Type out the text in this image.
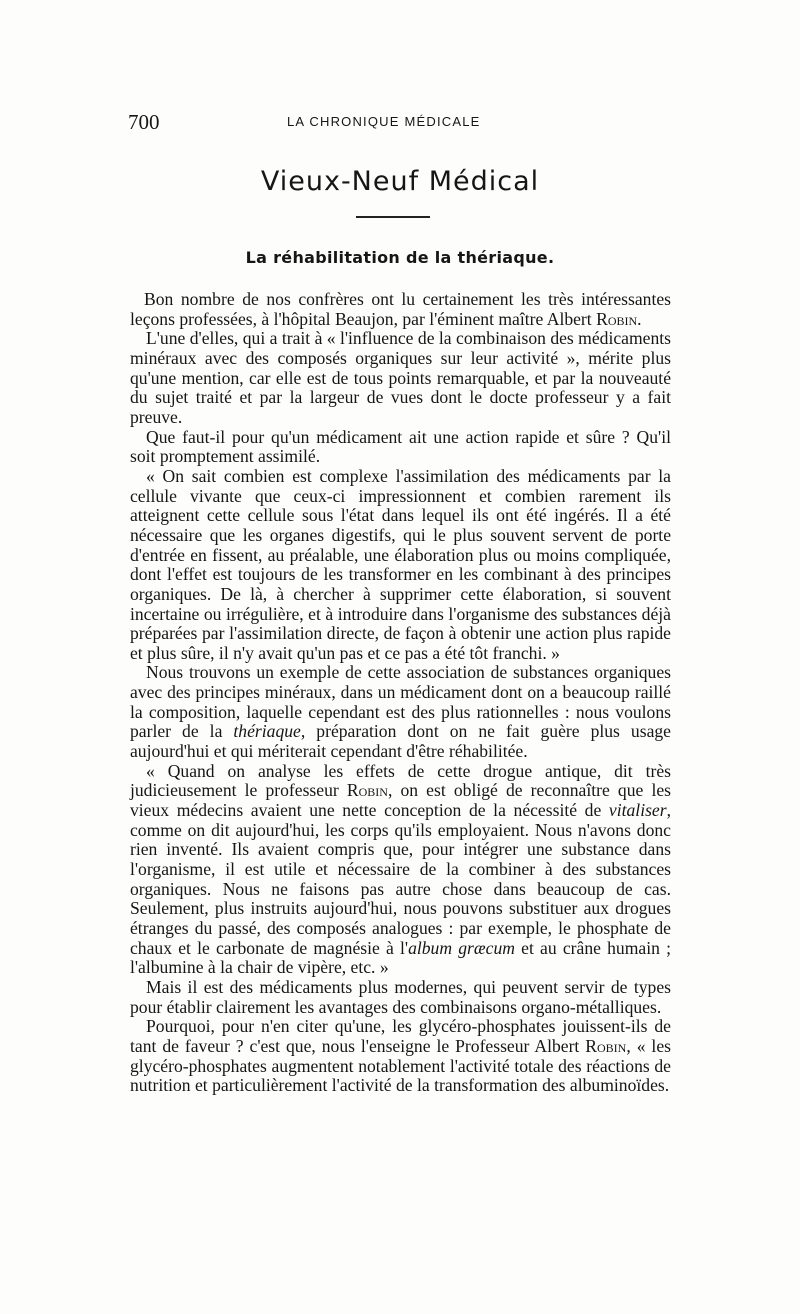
700	LA CHRONIQUE MÉDICALE
Vieux-Neuf Médical
La réhabilitation de la thériaque.

Bon nombre de nos confrères ont lu certainement les très intéressantes leçons professées, à l'hôpital Beaujon, par l'éminent maître Albert Robin.

L'une d'elles, qui a trait à « l'influence de la combinaison des médicaments minéraux avec des composés organiques sur leur activité », mérite plus qu'une mention, car elle est de tous points remarquable, et par la nouveauté du sujet traité et par la largeur de vues dont le docte professeur y a fait preuve.

Que faut-il pour qu'un médicament ait une action rapide et sûre ? Qu'il soit promptement assimilé.

« On sait combien est complexe l'assimilation des médicaments par la cellule vivante que ceux-ci impressionnent et combien rarement ils atteignent cette cellule sous l'état dans lequel ils ont été ingérés. Il a été nécessaire que les organes digestifs, qui le plus souvent servent de porte d'entrée en fissent, au préalable, une élaboration plus ou moins compliquée, dont l'effet est toujours de les transformer en les combinant à des principes organiques. De là, à chercher à supprimer cette élaboration, si souvent incertaine ou irrégulière, et à introduire dans l'organisme des substances déjà préparées par l'assimilation directe, de façon à obtenir une action plus rapide et plus sûre, il n'y avait qu'un pas et ce pas a été tôt franchi. »

Nous trouvons un exemple de cette association de substances organiques avec des principes minéraux, dans un médicament dont on a beaucoup raillé la composition, laquelle cependant est des plus rationnelles : nous voulons parler de la thériaque, préparation dont on ne fait guère plus usage aujourd'hui et qui mériterait cependant d'être réhabilitée.

« Quand on analyse les effets de cette drogue antique, dit très judicieusement le professeur Robin, on est obligé de reconnaître que les vieux médecins avaient une nette conception de la nécessité de vitaliser, comme on dit aujourd'hui, les corps qu'ils employaient. Nous n'avons donc rien inventé. Ils avaient compris que, pour intégrer une substance dans l'organisme, il est utile et nécessaire de la combiner à des substances organiques. Nous ne faisons pas autre chose dans beaucoup de cas. Seulement, plus instruits aujourd'hui, nous pouvons substituer aux drogues étranges du passé, des composés analogues : par exemple, le phosphate de chaux et le carbonate de magnésie à l'album græcum et au crâne humain ; l'albumine à la chair de vipère, etc. »

Mais il est des médicaments plus modernes, qui peuvent servir de types pour établir clairement les avantages des combinaisons organo-métalliques.

Pourquoi, pour n'en citer qu'une, les glycéro-phosphates jouissent-ils de tant de faveur ? c'est que, nous l'enseigne le Professeur Albert Robin, « les glycéro-phosphates augmentent notablement l'activité totale des réactions de nutrition et particulièrement l'activité de la transformation des albuminoïdes.
